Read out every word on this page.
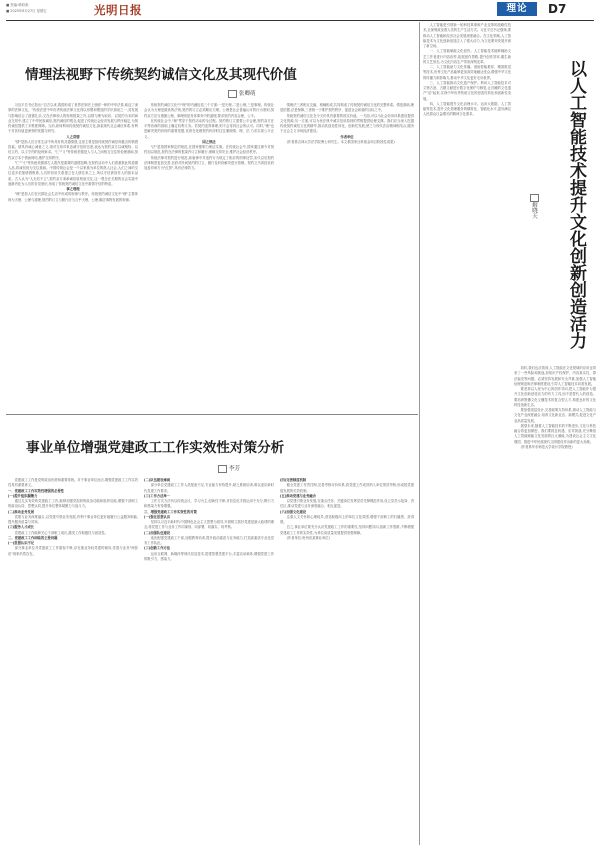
■ 责编:韩府欢
■ 2025年6月27日 星期五	光明日报	理论	D7
情理法视野下传统契约诚信文化及其现代价值
张卿萌

习近平总书记指出:"自古以来,我国形成了世界法制史上独树一帜的中华法系,积淀了深厚的法律文化。"传统法是中华优秀传统法律文化得以形塑和塑造的学识源泉之一,其发展与影响结合了道德礼乐,又在法律和人的规则框架之内,以情与理为取向、以契约为本的商业交易中,建立了中华民族诚信,契约诚信的观念,促进了传统社会经济发展与秩序稳定,为契约诚信提供了多维度保障。当前,如何利用传统契约诚信文化,探索现代社会诚信体系,有利于对其价值更深刻的发掘与研究。

人之常情

"情"是指人们日常生活中所具有的共通情感,这里主要是指传统契约诚信所蕴含的情感因素。情具有诚心诚意之义,指对交易对象忠诚守信的态度,表达为契约双方以诚相待、以信立约、以义守约的伦理诉求。"仁""义"等传统美德是人与人之间相互交往的伦理基础,契约双方本于情而缔结,维护交易秩序。

"仁""义"等传统美德被古人看作是重要的道德范畴,在契约活动中人们看重彼此的道德人品,将诚信视为交往基础。中国传统社会是一个以家族为单位的熟人社会,人们之间的交往更多依靠情感维系,人们的信用关系建立在人情往来之上,所以守信被视作人的基本品质。古人认为"人无信不立",契约双方秉承诚信原则而交往,这一观念在长期的社会实践中逐渐内化为人们的自觉意识,形成了传统契约诚信文化中重情守信的特质。

事之理理

"理"是指人们在长期社会生活中形成的规律与秩序。传统契约诚信文化中"理"主要体现为天理、公理与道理,契约的订立与履行应当合乎天理、公理,顺应事物发展的规律。

传统契约诚信文化中"理"的内涵包括三个方面:一是天理,二是公理,三是事理。传统社会认为天理是最高的法则,契约的订立必须顺应天理。公理是社会普遍认可的行为准则,契约双方应当遵循公理。事理则是具体事务中的道理,要求契约内容合理、公平。

在传统社会中,"理"贯穿于契约活动的全过程。契约的订立需要公平合理,契约双方在平等协商的基础上确定权利义务。若契约违背事理,则不会得到社会的认可。同时,"理"也是解决契约纠纷的重要依据,官府在处理契约纠纷时往往兼顾情、理、法,力求实现公平正义。

国之律法

"法"是指国家制定的规范,在国家强制力保证实施。在传统社会中,国家通过律令对契约加以规范,契约在法律的框架内订立和履行,保障交易安全,维护社会经济秩序。

传统法律对契约进行规范,如唐律中对违约行为规定了相应的刑事处罚,宋代以后契约法律制度更加完善,官府对民间契约的订立、履行及纠纷解决进行管理。契约文书须经官府加盖印章方为"红契",具有法律效力。

情理法三者相互交融、相辅相成,共同构成了传统契约诚信文化的完整体系。情是基础,理是依据,法是保障,三者统一于维护契约秩序、促进社会和谐的目标之中。

传统契约诚信文化在今天仍具有重要的现实价值。一方面,可以为社会信用体系建设提供文化资源;另一方面,可以为民法典中诚实信用原则的贯彻提供伦理支撑。我们应当深入挖掘传统契约诚信文化的精华,推动其创造性转化、创新性发展,使之与现代法治精神相结合,服务于社会主义市场经济建设。

作者单位

(作者系吉林大学法学院博士研究生。本文系国家社科基金项目阶段性成果)

事业单位增强党建政工工作实效性对策分析
李芳

党建政工工作是党的政治优势和重要传统。对于事业单位而言,增强党建政工工作实效性具有重要意义。

一、党建政工工作实效性增强的必要性

(一)提升组织凝聚力

通过扎实有效的党建政工工作,能够加强党组织的政治功能和组织功能,增强干部职工的政治认同、思想认同,提升单位整体凝聚力与战斗力。

(二)推动业务发展

党建与业务深度融合,以党建引领业务发展,有利于事业单位更好地履行公益服务职能,提升服务质量与效率。

(三)服务人才成长

党建政工工作能够关心干部职工成长,激发工作积极性与创造性。

二、党建政工工作面临的主要问题

(一)思想认识不足

部分事业单位对党建政工工作重视不够,存在重业务轻党建的倾向,党建与业务"两张皮"现象仍然存在。

(二)队伍建设薄弱

部分单位党建政工工作人员配备不足,专业能力有待提升,缺乏系统培训,难以适应新时代党建工作要求。

(三)工作方法单一

工作方式方法仍以传统会议、学习为主,创新性不够,对信息化手段运用不充分,吸引力和感染力有待增强。

三、增强党建政工工作实效性的对策

(一)强化思想认识

坚持以习近平新时代中国特色社会主义思想为指导,牢固树立抓好党建是最大政绩的理念,将党建工作与业务工作同谋划、同部署、同落实、同考核。

(二)加强队伍建设

选优配强党建政工干部,加强教育培训,提升政治素质与业务能力,打造高素质专业化党务工作队伍。

(三)创新工作方法

运用互联网、新媒体等现代信息技术,搭建智慧党建平台,丰富活动载体,增强党建工作的吸引力、感染力。

(四)完善制度机制

健全党建工作责任制,完善考核评价体系,将党建工作成效纳入单位绩效考核,形成抓党建促发展的长效机制。

(五)推动党建与业务融合

以党建引领业务发展,在重点任务、关键岗位发挥党员先锋模范作用,设立党员示范岗、责任区,推动党建与业务深度融合、相互促进。

(六)加强文化建设

注重人文关怀和心理疏导,营造积极向上的单位文化氛围,增强干部职工的归属感、获得感。

总之,事业单位要充分认识党建政工工作的重要性,坚持问题导向,创新工作思路,不断增强党建政工工作的实效性,为单位高质量发展提供坚强保障。

(作者单位:贵州省某事业单位)

以人工智能技术提升文化创新创造活力
解晓天

人工智能是引领新一轮科技革命和产业变革的战略性技术,正深刻改变着人类的生产生活方式。习近平总书记强调,要推动人工智能和经济社会发展深度融合。在文化领域,人工智能技术为文化创新创造注入了强大动力,为文化繁荣发展开辟了新空间。

一、人工智能赋能文化创作。人工智能技术能够辅助文艺工作者进行内容创作,拓展创作思路,提升创作效率,催生新的文艺形态,为文化内容生产带来深刻变革。

二、人工智能助力文化传播。借助智能推荐、精准推送等技术,优秀文化产品能够更加高效地触达受众,增强中华文化的传播力和影响力,推动中华文化更好走向世界。

三、人工智能推动文化遗产保护。利用人工智能技术对文物古迹、古籍文献进行数字化保护与修复,让沉睡的文化遗产"活"起来,实现中华优秀传统文化的创造性转化和创新性发展。

四、人工智能提升文化治理水平。运用大数据、人工智能等技术,提升文化管理服务的精准化、智能化水平,更好满足人民群众日益增长的精神文化需求。

同时,我们也应看到,人工智能在文化领域的应用也带来了一些风险和挑战,如知识产权保护、内容真实性、算法偏见等问题。必须坚持发展和安全并重,加强人工智能伦理规范和法律制度建设,引导人工智能技术向善发展。

要坚持以人民为中心的创作导向,把人工智能作为提升文化创新创造活力的有力工具,而不是替代人的创造。要培养既懂文化又懂技术的复合型人才,构建良好的文化科技创新生态。

要加强顶层设计,完善政策支持体系,推动人工智能与文化产业深度融合,培育文化新业态、新模式,促进文化产业高质量发展。

展望未来,随着人工智能技术的不断进步,文化与科技融合将更加紧密。我们要抓住机遇、应对挑战,充分释放人工智能赋能文化发展的巨大潜能,为建设社会主义文化强国、推进中华民族现代文明建设作出新的更大贡献。

(作者系华东师范大学设计学院教授)
